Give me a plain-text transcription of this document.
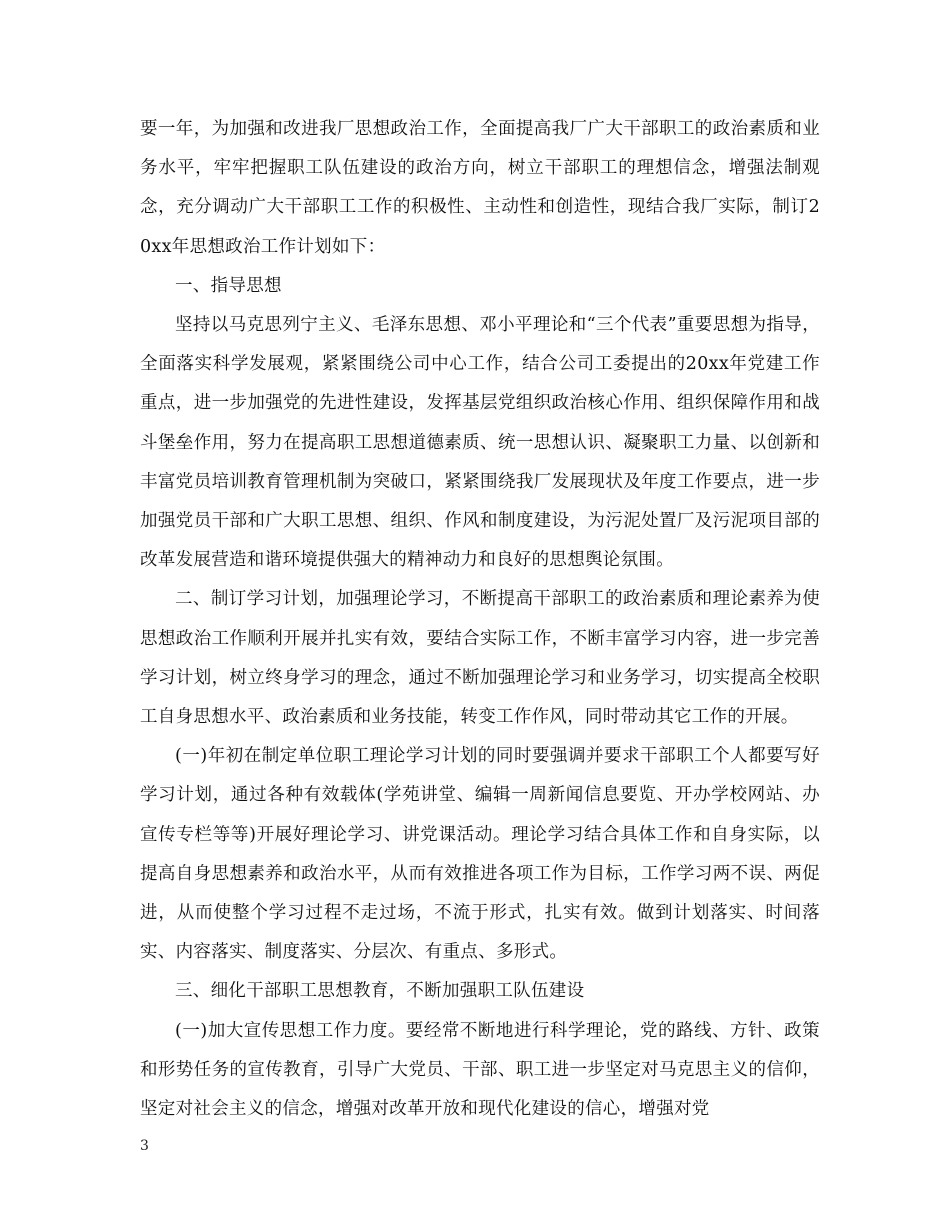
要一年，为加强和改进我厂思想政治工作，全面提高我厂广大干部职工的政治素质和业务水平，牢牢把握职工队伍建设的政治方向，树立干部职工的理想信念，增强法制观念，充分调动广大干部职工工作的积极性、主动性和创造性，现结合我厂实际，制订20xx年思想政治工作计划如下：

一、指导思想

坚持以马克思列宁主义、毛泽东思想、邓小平理论和“三个代表”重要思想为指导，全面落实科学发展观，紧紧围绕公司中心工作，结合公司工委提出的20xx年党建工作重点，进一步加强党的先进性建设，发挥基层党组织政治核心作用、组织保障作用和战斗堡垒作用，努力在提高职工思想道德素质、统一思想认识、凝聚职工力量、以创新和丰富党员培训教育管理机制为突破口，紧紧围绕我厂发展现状及年度工作要点，进一步加强党员干部和广大职工思想、组织、作风和制度建设，为污泥处置厂及污泥项目部的改革发展营造和谐环境提供强大的精神动力和良好的思想舆论氛围。

二、制订学习计划，加强理论学习，不断提高干部职工的政治素质和理论素养为使思想政治工作顺利开展并扎实有效，要结合实际工作，不断丰富学习内容，进一步完善学习计划，树立终身学习的理念，通过不断加强理论学习和业务学习，切实提高全校职工自身思想水平、政治素质和业务技能，转变工作作风，同时带动其它工作的开展。

(一)年初在制定单位职工理论学习计划的同时要强调并要求干部职工个人都要写好学习计划，通过各种有效载体(学苑讲堂、编辑一周新闻信息要览、开办学校网站、办宣传专栏等等)开展好理论学习、讲党课活动。理论学习结合具体工作和自身实际，以提高自身思想素养和政治水平，从而有效推进各项工作为目标，工作学习两不误、两促进，从而使整个学习过程不走过场，不流于形式，扎实有效。做到计划落实、时间落实、内容落实、制度落实、分层次、有重点、多形式。

三、细化干部职工思想教育，不断加强职工队伍建设

(一)加大宣传思想工作力度。要经常不断地进行科学理论，党的路线、方针、政策和形势任务的宣传教育，引导广大党员、干部、职工进一步坚定对马克思主义的信仰，坚定对社会主义的信念，增强对改革开放和现代化建设的信心，增强对党

3
